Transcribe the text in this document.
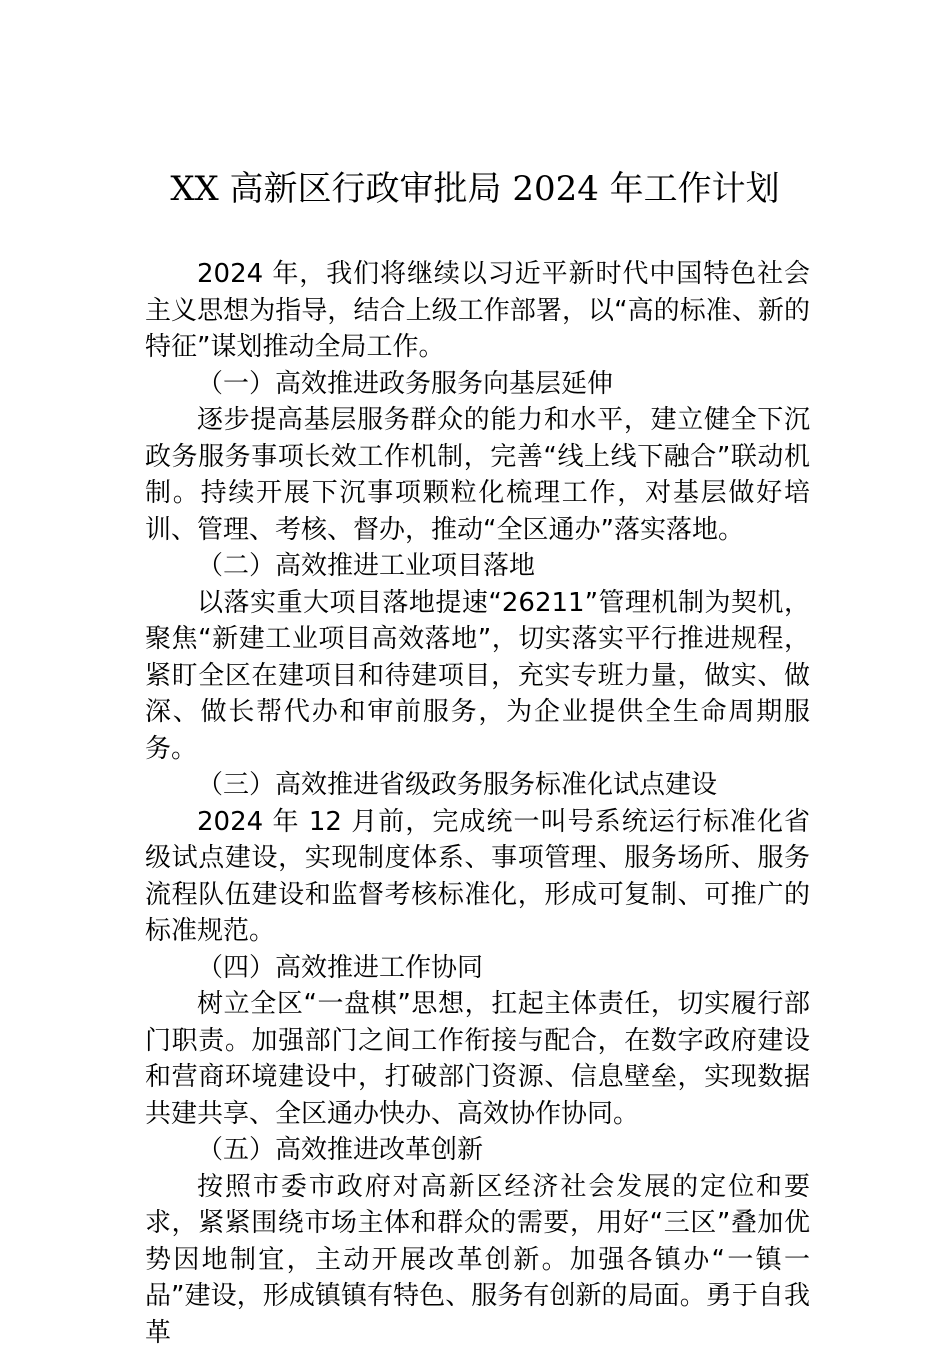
XX 高新区行政审批局 2024 年工作计划

2024 年，我们将继续以习近平新时代中国特色社会主义思想为指导，结合上级工作部署，以“高的标准、新的特征”谋划推动全局工作。

（一）高效推进政务服务向基层延伸

逐步提高基层服务群众的能力和水平，建立健全下沉政务服务事项长效工作机制，完善“线上线下融合”联动机制。持续开展下沉事项颗粒化梳理工作，对基层做好培训、管理、考核、督办，推动“全区通办”落实落地。

（二）高效推进工业项目落地

以落实重大项目落地提速“26211”管理机制为契机，聚焦“新建工业项目高效落地”，切实落实平行推进规程，紧盯全区在建项目和待建项目，充实专班力量，做实、做深、做长帮代办和审前服务，为企业提供全生命周期服务。

（三）高效推进省级政务服务标准化试点建设

2024 年 12 月前，完成统一叫号系统运行标准化省级试点建设，实现制度体系、事项管理、服务场所、服务流程队伍建设和监督考核标准化，形成可复制、可推广的标准规范。

（四）高效推进工作协同

树立全区“一盘棋”思想，扛起主体责任，切实履行部门职责。加强部门之间工作衔接与配合，在数字政府建设和营商环境建设中，打破部门资源、信息壁垒，实现数据共建共享、全区通办快办、高效协作协同。

（五）高效推进改革创新

按照市委市政府对高新区经济社会发展的定位和要求，紧紧围绕市场主体和群众的需要，用好“三区”叠加优势因地制宜，主动开展改革创新。加强各镇办“一镇一品”建设，形成镇镇有特色、服务有创新的局面。勇于自我革
